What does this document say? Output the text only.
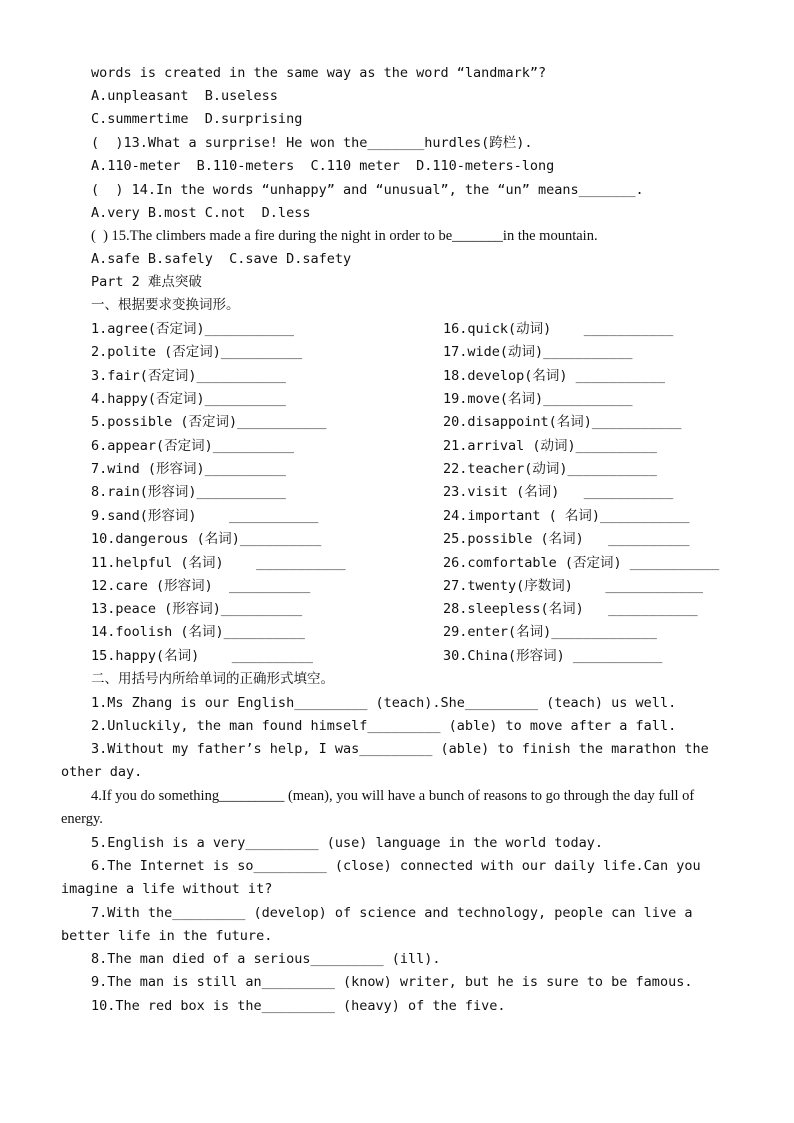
words is created in the same way as the word “landmark”?
A.unpleasant  B.useless
C.summertime  D.surprising
(  )13.What a surprise! He won the_______hurdles(跨栏).
A.110-meter  B.110-meters  C.110 meter  D.110-meters-long
(  ) 14.In the words “unhappy” and “unusual”, the “un” means_______.
A.very B.most C.not  D.less
(  ) 15.The climbers made a fire during the night in order to be_______in the mountain.
A.safe B.safely  C.save D.safety
Part 2 难点突破
一、根据要求变换词形。
1.agree(否定词)___________
2.polite (否定词)__________
3.fair(否定词)___________
4.happy(否定词)__________
5.possible (否定词)___________
6.appear(否定词)__________
7.wind (形容词)__________
8.rain(形容词)___________
9.sand(形容词)    ___________
10.dangerous (名词)__________
11.helpful (名词)    ___________
12.care (形容词)  __________
13.peace (形容词)__________
14.foolish (名词)__________
15.happy(名词)    __________
16.quick(动词)    ___________
17.wide(动词)___________
18.develop(名词) ___________
19.move(名词)___________
20.disappoint(名词)___________
21.arrival (动词)__________
22.teacher(动词)___________
23.visit (名词)   ___________
24.important ( 名词)___________
25.possible (名词)   __________
26.comfortable (否定词) ___________
27.twenty(序数词)    ____________
28.sleepless(名词)   ___________
29.enter(名词)_____________
30.China(形容词) ___________
二、用括号内所给单词的正确形式填空。
1.Ms Zhang is our English_________ (teach).She_________ (teach) us well.
2.Unluckily, the man found himself_________ (able) to move after a fall.
3.Without my father’s help, I was_________ (able) to finish the marathon the other day.
4.If you do something_________ (mean), you will have a bunch of reasons to go through the day full of energy.
5.English is a very_________ (use) language in the world today.
6.The Internet is so_________ (close) connected with our daily life.Can you imagine a life without it?
7.With the_________ (develop) of science and technology, people can live a better life in the future.
8.The man died of a serious_________ (ill).
9.The man is still an_________ (know) writer, but he is sure to be famous.
10.The red box is the_________ (heavy) of the five.
